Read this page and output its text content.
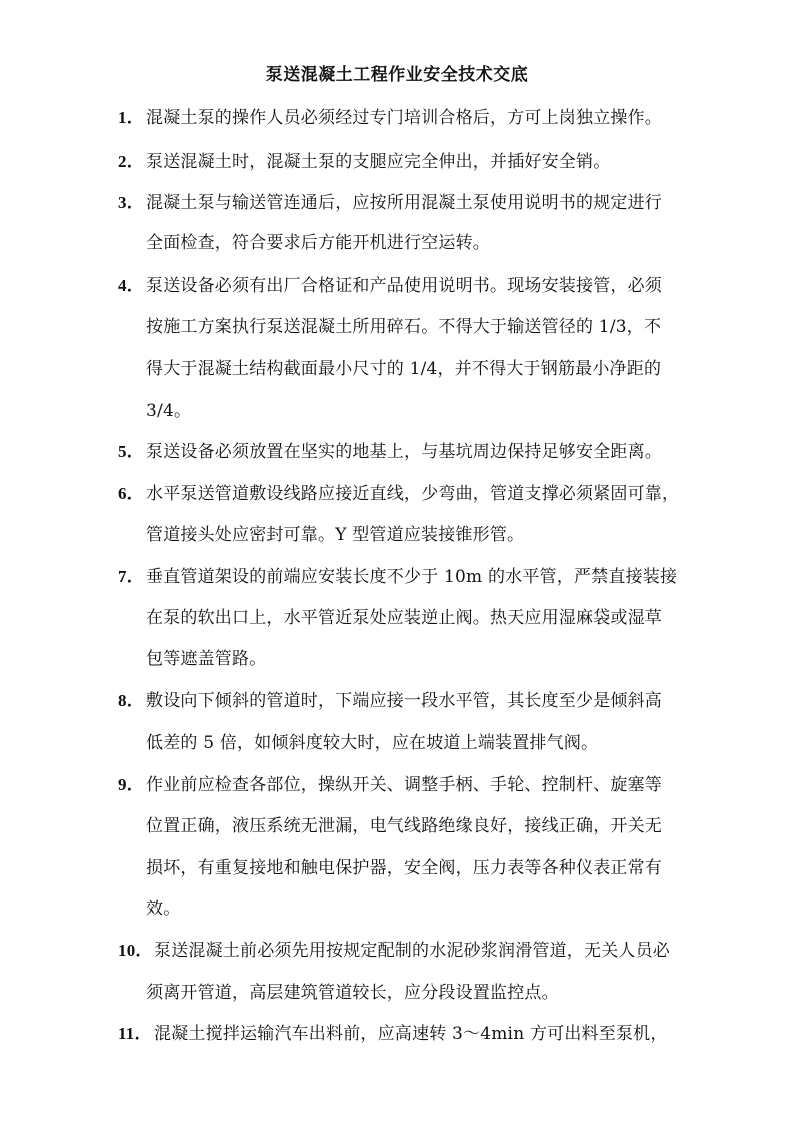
泵送混凝土工程作业安全技术交底
1． 混凝土泵的操作人员必须经过专门培训合格后，方可上岗独立操作。
2． 泵送混凝土时，混凝土泵的支腿应完全伸出，并插好安全销。
3． 混凝土泵与输送管连通后，应按所用混凝土泵使用说明书的规定进行
全面检查，符合要求后方能开机进行空运转。
4． 泵送设备必须有出厂合格证和产品使用说明书。现场安装接管，必须
按施工方案执行泵送混凝土所用碎石。不得大于输送管径的 1/3，不
得大于混凝土结构截面最小尺寸的 1/4，并不得大于钢筋最小净距的
3/4。
5． 泵送设备必须放置在坚实的地基上，与基坑周边保持足够安全距离。
6． 水平泵送管道敷设线路应接近直线，少弯曲，管道支撑必须紧固可靠，
管道接头处应密封可靠。Y 型管道应装接锥形管。
7． 垂直管道架设的前端应安装长度不少于 10m 的水平管，严禁直接装接
在泵的软出口上，水平管近泵处应装逆止阀。热天应用湿麻袋或湿草
包等遮盖管路。
8． 敷设向下倾斜的管道时，下端应接一段水平管，其长度至少是倾斜高
低差的 5 倍，如倾斜度较大时，应在坡道上端装置排气阀。
9． 作业前应检查各部位，操纵开关、调整手柄、手轮、控制杆、旋塞等
位置正确，液压系统无泄漏，电气线路绝缘良好，接线正确，开关无
损坏，有重复接地和触电保护器，安全阀，压力表等各种仪表正常有
效。
10．泵送混凝土前必须先用按规定配制的水泥砂浆润滑管道，无关人员必
须离开管道，高层建筑管道较长，应分段设置监控点。
11． 混凝土搅拌运输汽车出料前，应高速转 3～4min 方可出料至泵机，
